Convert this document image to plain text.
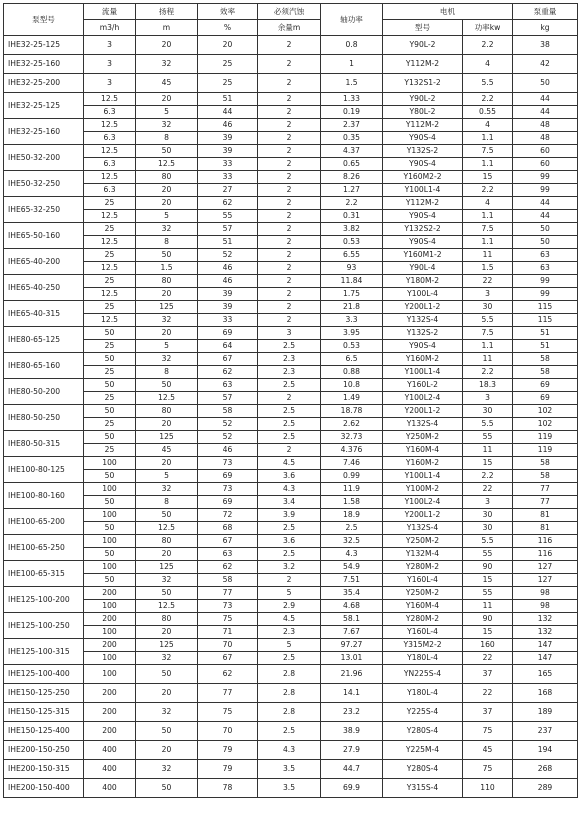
泵型号	流量	扬程	效率	必须汽蚀	轴功率	电机		泵重量
	m3/h	m	%	余量m		型号	功率kw	kg
IHE32-25-125	3	20	20	2	0.8	Y90L-2	2.2	38
IHE32-25-160	3	32	25	2	1	Y112M-2	4	42
IHE32-25-200	3	45	25	2	1.5	Y132S1-2	5.5	50
IHE32-25-125	12.5	20	51	2	1.33	Y90L-2	2.2	44
	6.3	5	44	2	0.19	Y80L-2	0.55	44
IHE32-25-160	12.5	32	46	2	2.37	Y112M-2	4	48
	6.3	8	39	2	0.35	Y90S-4	1.1	48
IHE50-32-200	12.5	50	39	2	4.37	Y132S-2	7.5	60
	6.3	12.5	33	2	0.65	Y90S-4	1.1	60
IHE50-32-250	12.5	80	33	2	8.26	Y160M2-2	15	99
	6.3	20	27	2	1.27	Y100L1-4	2.2	99
IHE65-32-250	25	20	62	2	2.2	Y112M-2	4	44
	12.5	5	55	2	0.31	Y90S-4	1.1	44
IHE65-50-160	25	32	57	2	3.82	Y132S2-2	7.5	50
	12.5	8	51	2	0.53	Y90S-4	1.1	50
IHE65-40-200	25	50	52	2	6.55	Y160M1-2	11	63
	12.5	1.5	46	2	93	Y90L-4	1.5	63
IHE65-40-250	25	80	46	2	11.84	Y180M-2	22	99
	12.5	20	39	2	1.75	Y100L-4	3	99
IHE65-40-315	25	125	39	2	21.8	Y200L1-2	30	115
	12.5	32	33	2	3.3	Y132S-4	5.5	115
IHE80-65-125	50	20	69	3	3.95	Y132S-2	7.5	51
	25	5	64	2.5	0.53	Y90S-4	1.1	51
IHE80-65-160	50	32	67	2.3	6.5	Y160M-2	11	58
	25	8	62	2.3	0.88	Y100L1-4	2.2	58
IHE80-50-200	50	50	63	2.5	10.8	Y160L-2	18.3	69
	25	12.5	57	2	1.49	Y100L2-4	3	69
IHE80-50-250	50	80	58	2.5	18.78	Y200L1-2	30	102
	25	20	52	2.5	2.62	Y132S-4	5.5	102
IHE80-50-315	50	125	52	2.5	32.73	Y250M-2	55	119
	25	45	46	2	4.376	Y160M-4	11	119
IHE100-80-125	100	20	73	4.5	7.46	Y160M-2	15	58
	50	5	69	3.6	0.99	Y100L1-4	2.2	58
IHE100-80-160	100	32	73	4.3	11.9	Y100M-2	22	77
	50	8	69	3.4	1.58	Y100L2-4	3	77
IHE100-65-200	100	50	72	3.9	18.9	Y200L1-2	30	81
	50	12.5	68	2.5	2.5	Y132S-4	30	81
IHE100-65-250	100	80	67	3.6	32.5	Y250M-2	5.5	116
	50	20	63	2.5	4.3	Y132M-4	55	116
IHE100-65-315	100	125	62	3.2	54.9	Y280M-2	90	127
	50	32	58	2	7.51	Y160L-4	15	127
IHE125-100-200	200	50	77	5	35.4	Y250M-2	55	98
	100	12.5	73	2.9	4.68	Y160M-4	11	98
IHE125-100-250	200	80	75	4.5	58.1	Y280M-2	90	132
	100	20	71	2.3	7.67	Y160L-4	15	132
IHE125-100-315	200	125	70	5	97.27	Y315M2-2	160	147
	100	32	67	2.5	13.01	Y180L-4	22	147
IHE125-100-400	100	50	62	2.8	21.96	YN225S-4	37	165
IHE150-125-250	200	20	77	2.8	14.1	Y180L-4	22	168
IHE150-125-315	200	32	75	2.8	23.2	Y225S-4	37	189
IHE150-125-400	200	50	70	2.5	38.9	Y280S-4	75	237
IHE200-150-250	400	20	79	4.3	27.9	Y225M-4	45	194
IHE200-150-315	400	32	79	3.5	44.7	Y280S-4	75	268
IHE200-150-400	400	50	78	3.5	69.9	Y315S-4	110	289
